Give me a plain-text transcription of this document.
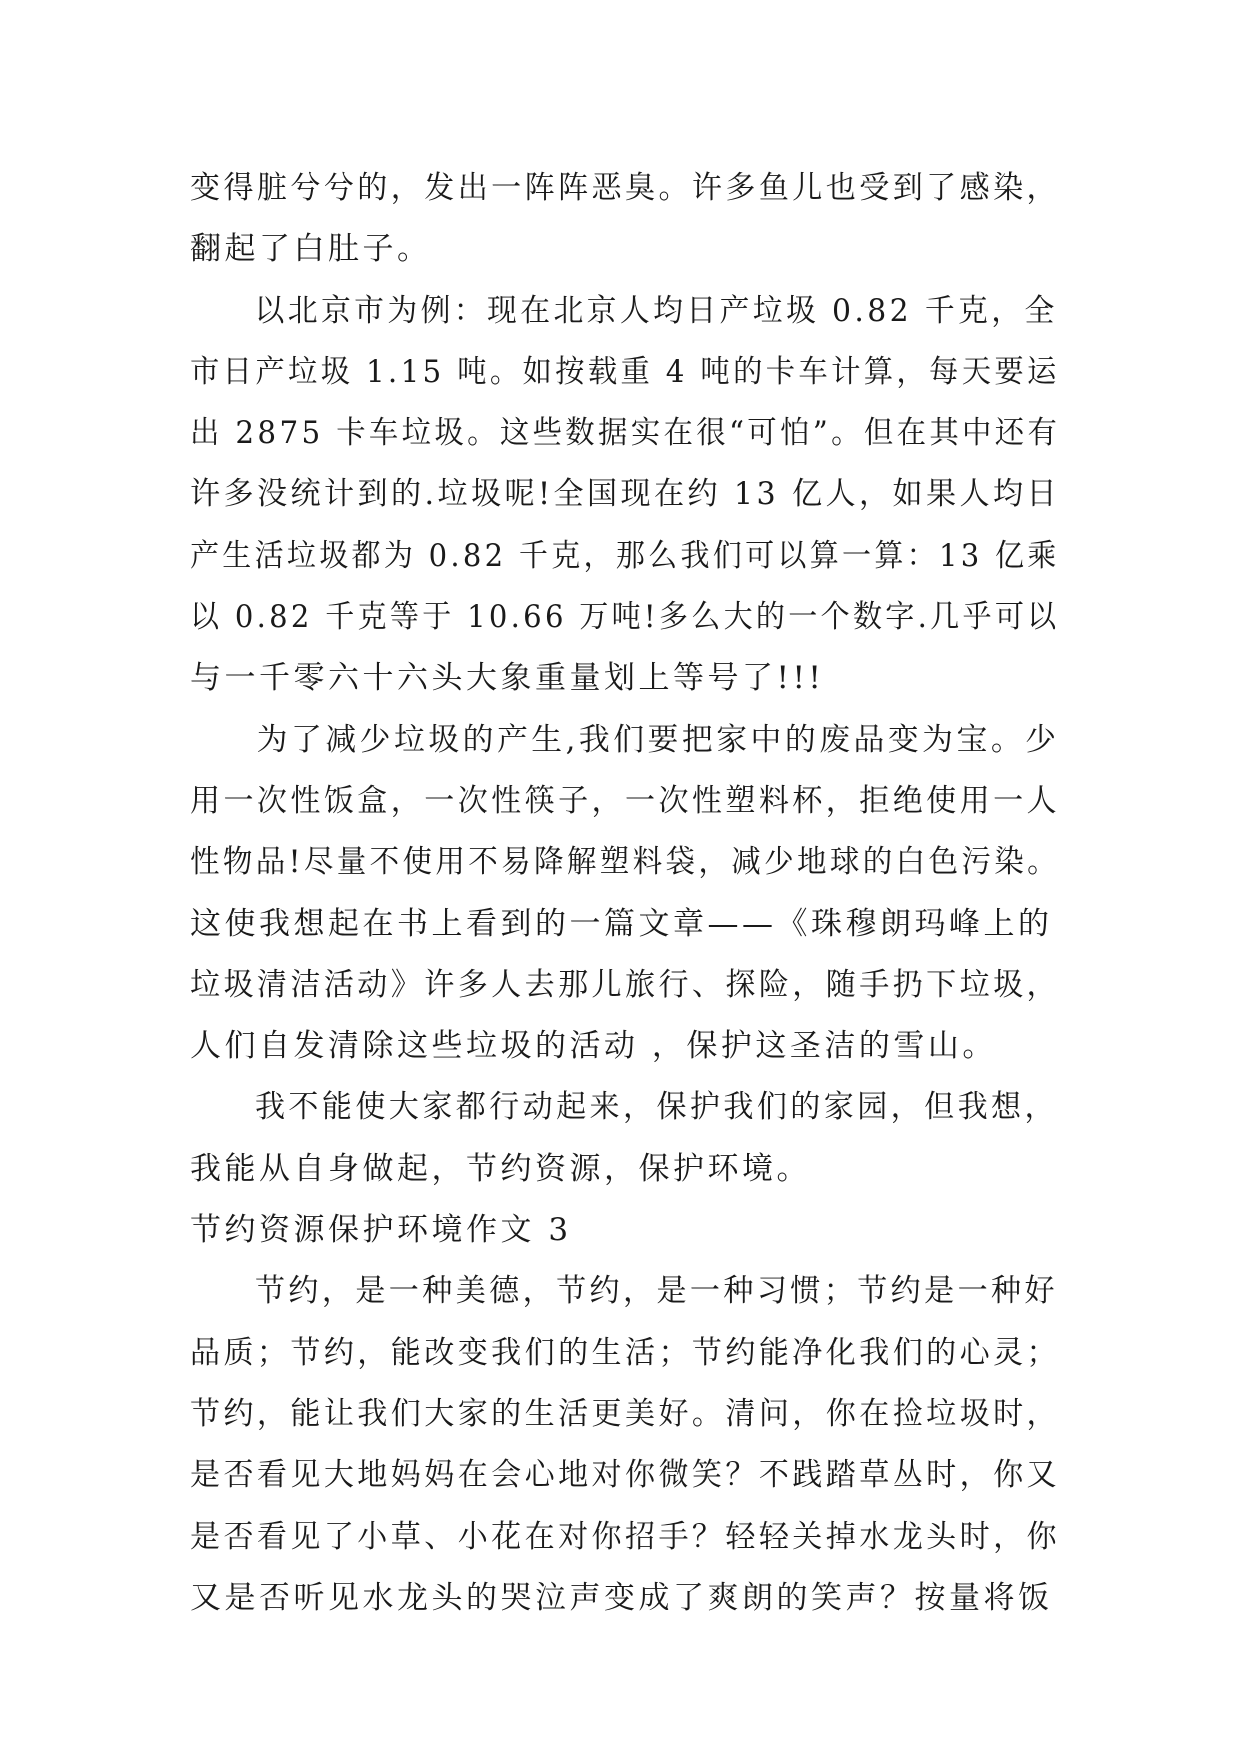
变得脏兮兮的，发出一阵阵恶臭。许多鱼儿也受到了感染，
翻起了白肚子。
以北京市为例：现在北京人均日产垃圾 0.82 千克，全
市日产垃圾 1.15 吨。如按载重 4 吨的卡车计算，每天要运
出 2875 卡车垃圾。这些数据实在很“可怕”。但在其中还有
许多没统计到的.垃圾呢!全国现在约 13 亿人，如果人均日
产生活垃圾都为 0.82 千克，那么我们可以算一算：13 亿乘
以 0.82 千克等于 10.66 万吨!多么大的一个数字.几乎可以
与一千零六十六头大象重量划上等号了!!!
为了减少垃圾的产生,我们要把家中的废品变为宝。少
用一次性饭盒，一次性筷子，一次性塑料杯，拒绝使用一人
性物品!尽量不使用不易降解塑料袋，减少地球的白色污染。
这使我想起在书上看到的一篇文章——《珠穆朗玛峰上的
垃圾清洁活动》许多人去那儿旅行、探险，随手扔下垃圾，
人们自发清除这些垃圾的活动 ，保护这圣洁的雪山。
我不能使大家都行动起来，保护我们的家园，但我想，
我能从自身做起，节约资源，保护环境。
节约资源保护环境作文 3
节约，是一种美德，节约，是一种习惯；节约是一种好
品质；节约，能改变我们的生活；节约能净化我们的心灵；
节约，能让我们大家的生活更美好。清问，你在捡垃圾时，
是否看见大地妈妈在会心地对你微笑？不践踏草丛时，你又
是否看见了小草、小花在对你招手？轻轻关掉水龙头时，你
又是否听见水龙头的哭泣声变成了爽朗的笑声？按量将饭
